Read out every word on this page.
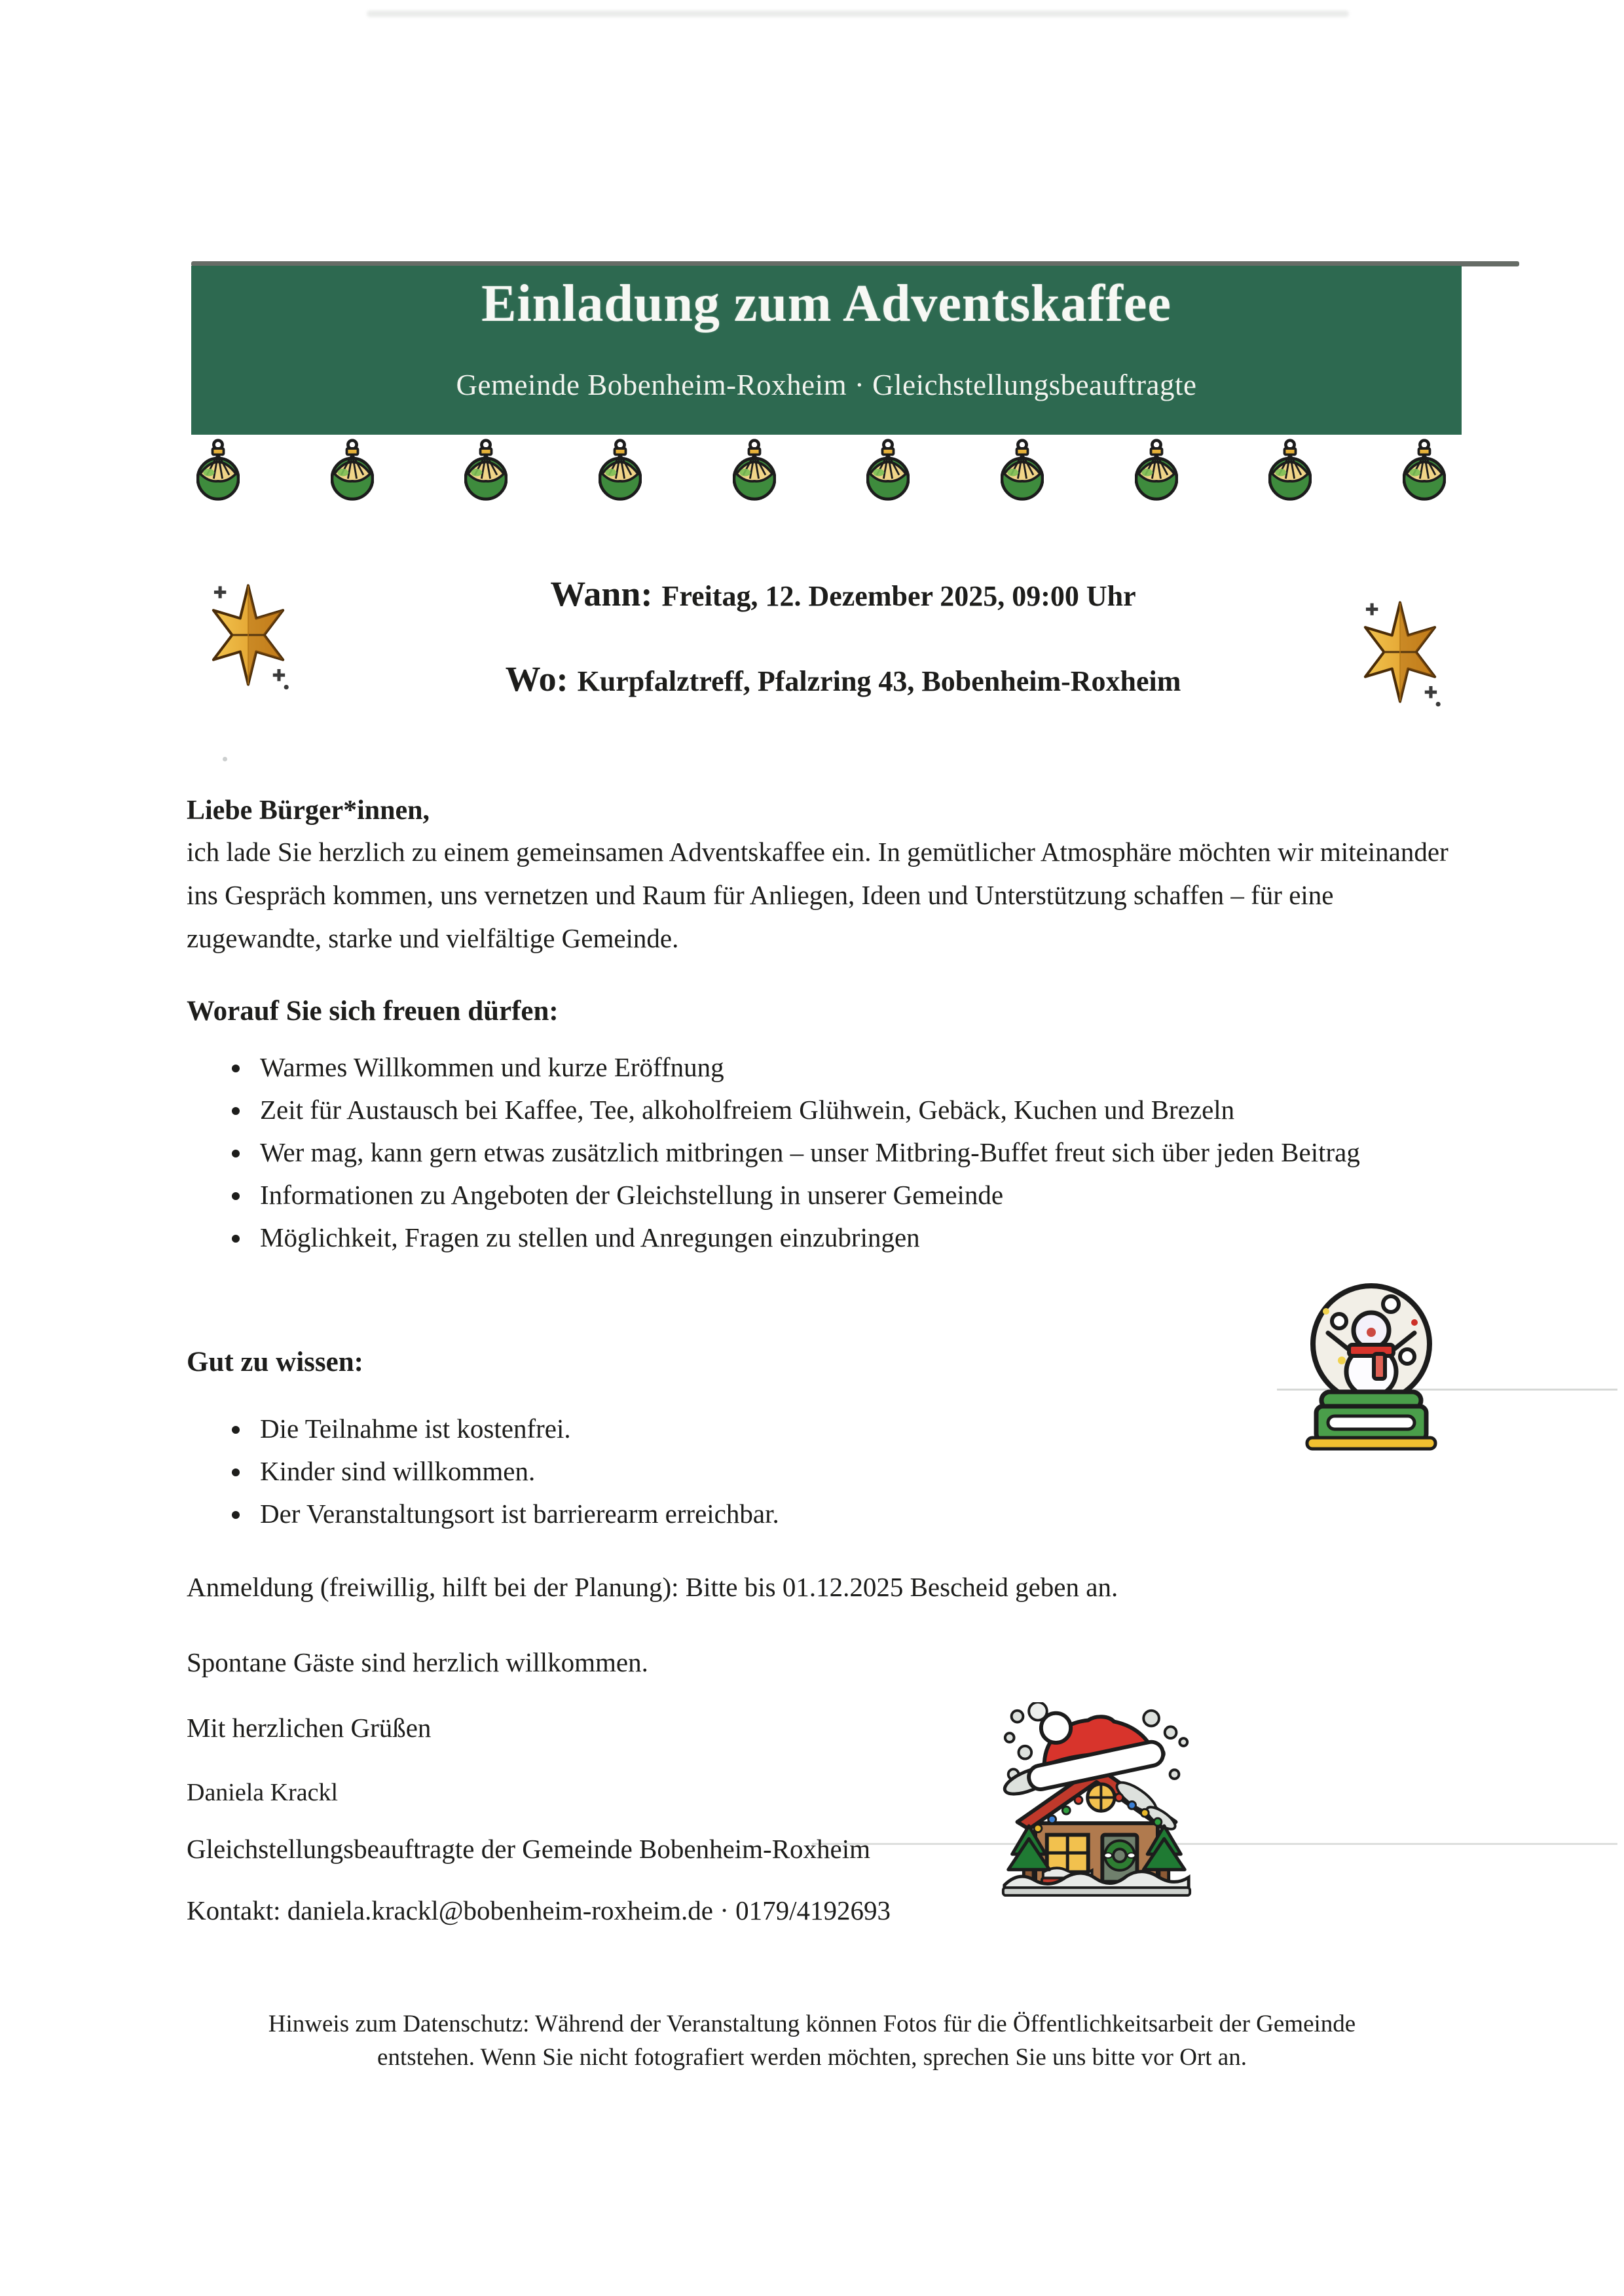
Einladung zum Adventskaffee
Gemeinde Bobenheim-Roxheim · Gleichstellungsbeauftragte
Wann: Freitag, 12. Dezember 2025, 09:00 Uhr
Wo: Kurpfalztreff, Pfalzring 43, Bobenheim-Roxheim
Liebe Bürger*innen,
ich lade Sie herzlich zu einem gemeinsamen Adventskaffee ein. In gemütlicher Atmosphäre möchten wir miteinander ins Gespräch kommen, uns vernetzen und Raum für Anliegen, Ideen und Unterstützung schaffen – für eine zugewandte, starke und vielfältige Gemeinde.
Worauf Sie sich freuen dürfen:
• Warmes Willkommen und kurze Eröffnung
• Zeit für Austausch bei Kaffee, Tee, alkoholfreiem Glühwein, Gebäck, Kuchen und Brezeln
• Wer mag, kann gern etwas zusätzlich mitbringen – unser Mitbring-Buffet freut sich über jeden Beitrag
• Informationen zu Angeboten der Gleichstellung in unserer Gemeinde
• Möglichkeit, Fragen zu stellen und Anregungen einzubringen
Gut zu wissen:
• Die Teilnahme ist kostenfrei.
• Kinder sind willkommen.
• Der Veranstaltungsort ist barrierearm erreichbar.
Anmeldung (freiwillig, hilft bei der Planung): Bitte bis 01.12.2025 Bescheid geben an.
Spontane Gäste sind herzlich willkommen.
Mit herzlichen Grüßen
Daniela Krackl
Gleichstellungsbeauftragte der Gemeinde Bobenheim-Roxheim
Kontakt: daniela.krackl@bobenheim-roxheim.de · 0179/4192693
Hinweis zum Datenschutz: Während der Veranstaltung können Fotos für die Öffentlichkeitsarbeit der Gemeinde
entstehen. Wenn Sie nicht fotografiert werden möchten, sprechen Sie uns bitte vor Ort an.
